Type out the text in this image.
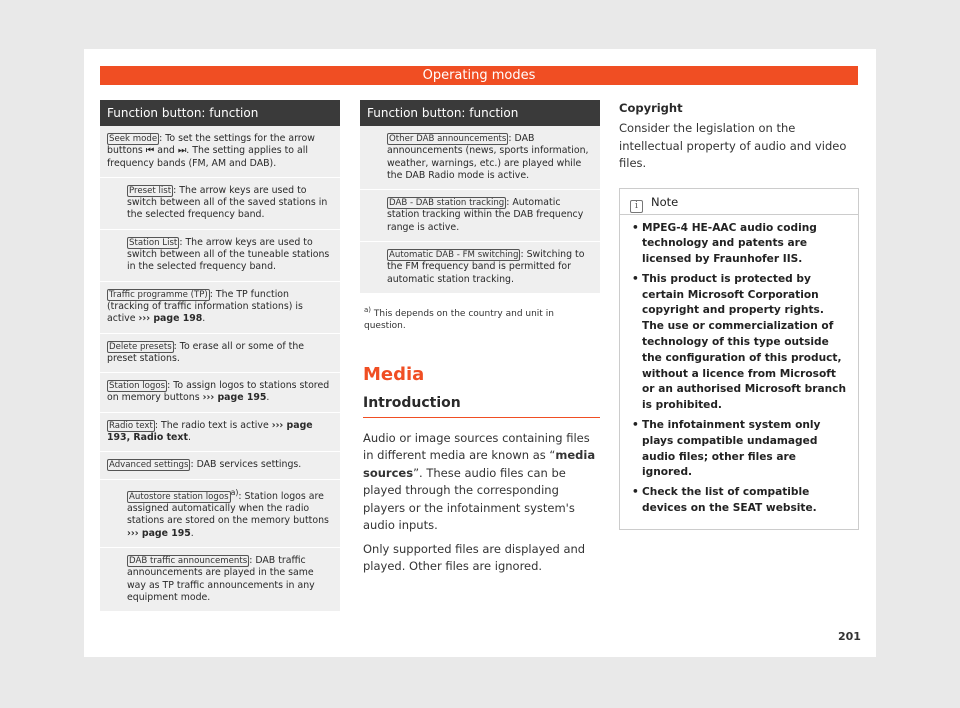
Operating modes
Function button: function
Seek mode : To set the settings for the arrow buttons ⏮ and ⏭. The setting applies to all frequency bands (FM, AM and DAB).
Preset list : The arrow keys are used to switch between all of the saved stations in the selected frequency band.
Station List : The arrow keys are used to switch between all of the tuneable stations in the selected frequency band.
Traffic programme (TP) : The TP function (tracking of traffic information stations) is active ››› page 198.
Delete presets : To erase all or some of the preset stations.
Station logos : To assign logos to stations stored on memory buttons ››› page 195.
Radio text : The radio text is active ››› page 193, Radio text.
Advanced settings : DAB services settings.
Autostore station logos $^{a)}$: Station logos are assigned automatically when the radio stations are stored on the memory buttons ››› page 195.
DAB traffic announcements : DAB traffic announcements are played in the same way as TP traffic announcements in any equipment mode.
Function button: function
Other DAB announcements : DAB announcements (news, sports information, weather, warnings, etc.) are played while the DAB Radio mode is active.
DAB - DAB station tracking : Automatic station tracking within the DAB frequency range is active.
Automatic DAB - FM switching : Switching to the FM frequency band is permitted for automatic station tracking.
$^{a)}$ This depends on the country and unit in question.
Media
Introduction
Audio or image sources containing files in different media are known as “media sources”. These audio files can be played through the corresponding players or the infotainment system's audio inputs.
Only supported files are displayed and played. Other files are ignored.
Copyright
Consider the legislation on the intellectual property of audio and video files.
i Note
• MPEG-4 HE-AAC audio coding technology and patents are licensed by Fraunhofer IIS.
• This product is protected by certain Microsoft Corporation copyright and property rights. The use or commercialization of technology of this type outside the configuration of this product, without a licence from Microsoft or an authorised Microsoft branch is prohibited.
• The infotainment system only plays compatible undamaged audio files; other files are ignored.
• Check the list of compatible devices on the SEAT website.
201
